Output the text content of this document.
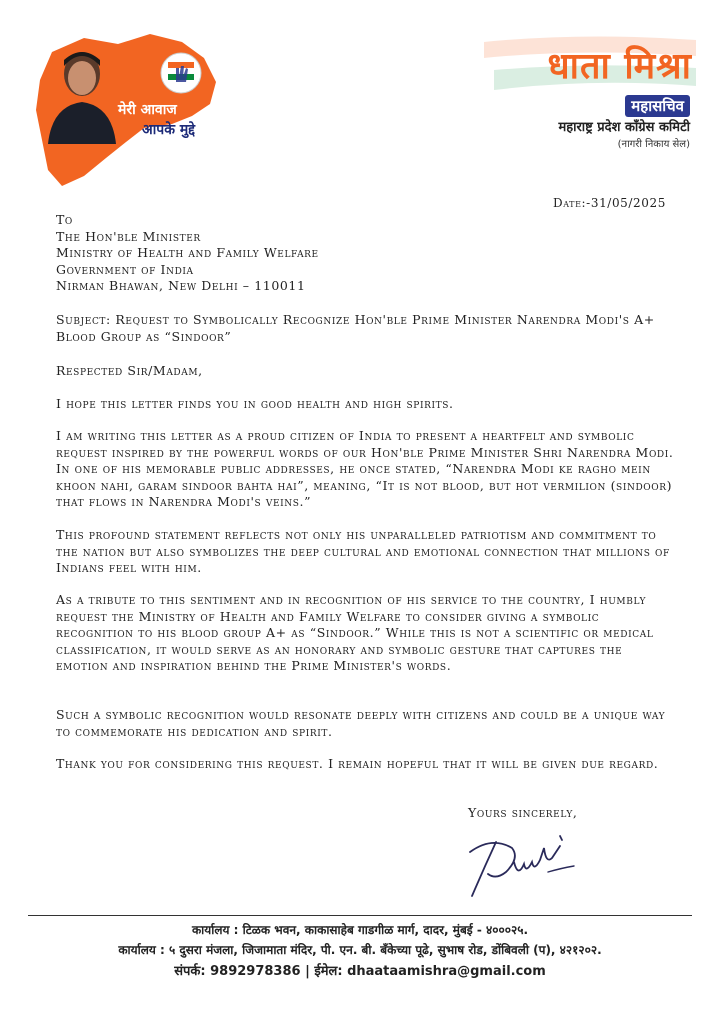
मेरी आवाज
आपके मुद्दे
धाता मिश्रा
महासचिव
महाराष्ट्र प्रदेश कॉंग्रेस कमिटी
(नागरी निकाय सेल)
Date:-31/05/2025
To
The Hon'ble Minister
Ministry of Health and Family Welfare
Government of India
Nirman Bhawan, New Delhi – 110011
Subject: Request to Symbolically Recognize Hon'ble Prime Minister Narendra Modi's A+ Blood Group as “Sindoor”
Respected Sir/Madam,
I hope this letter finds you in good health and high spirits.
I am writing this letter as a proud citizen of India to present a heartfelt and symbolic request inspired by the powerful words of our Hon'ble Prime Minister Shri Narendra Modi. In one of his memorable public addresses, he once stated, “Narendra Modi ke ragho mein khoon nahi, garam sindoor bahta hai”, meaning, “It is not blood, but hot vermilion (sindoor) that flows in Narendra Modi's veins.”
This profound statement reflects not only his unparalleled patriotism and commitment to the nation but also symbolizes the deep cultural and emotional connection that millions of Indians feel with him.
As a tribute to this sentiment and in recognition of his service to the country, I humbly request the Ministry of Health and Family Welfare to consider giving a symbolic recognition to his blood group A+ as “Sindoor.” While this is not a scientific or medical classification, it would serve as an honorary and symbolic gesture that captures the emotion and inspiration behind the Prime Minister's words.
Such a symbolic recognition would resonate deeply with citizens and could be a unique way to commemorate his dedication and spirit.
Thank you for considering this request. I remain hopeful that it will be given due regard.
Yours sincerely,
कार्यालय : टिळक भवन, काकासाहेब गाडगीळ मार्ग, दादर, मुंबई - ४०००२५.
कार्यालय : ५ दुसरा मंजला, जिजामाता मंदिर, पी. एन. बी. बँकेच्या पूढे, सुभाष रोड, डोंबिवली (प), ४२१२०२.
संपर्क: 9892978386 | ईमेल: dhaataamishra@gmail.com
